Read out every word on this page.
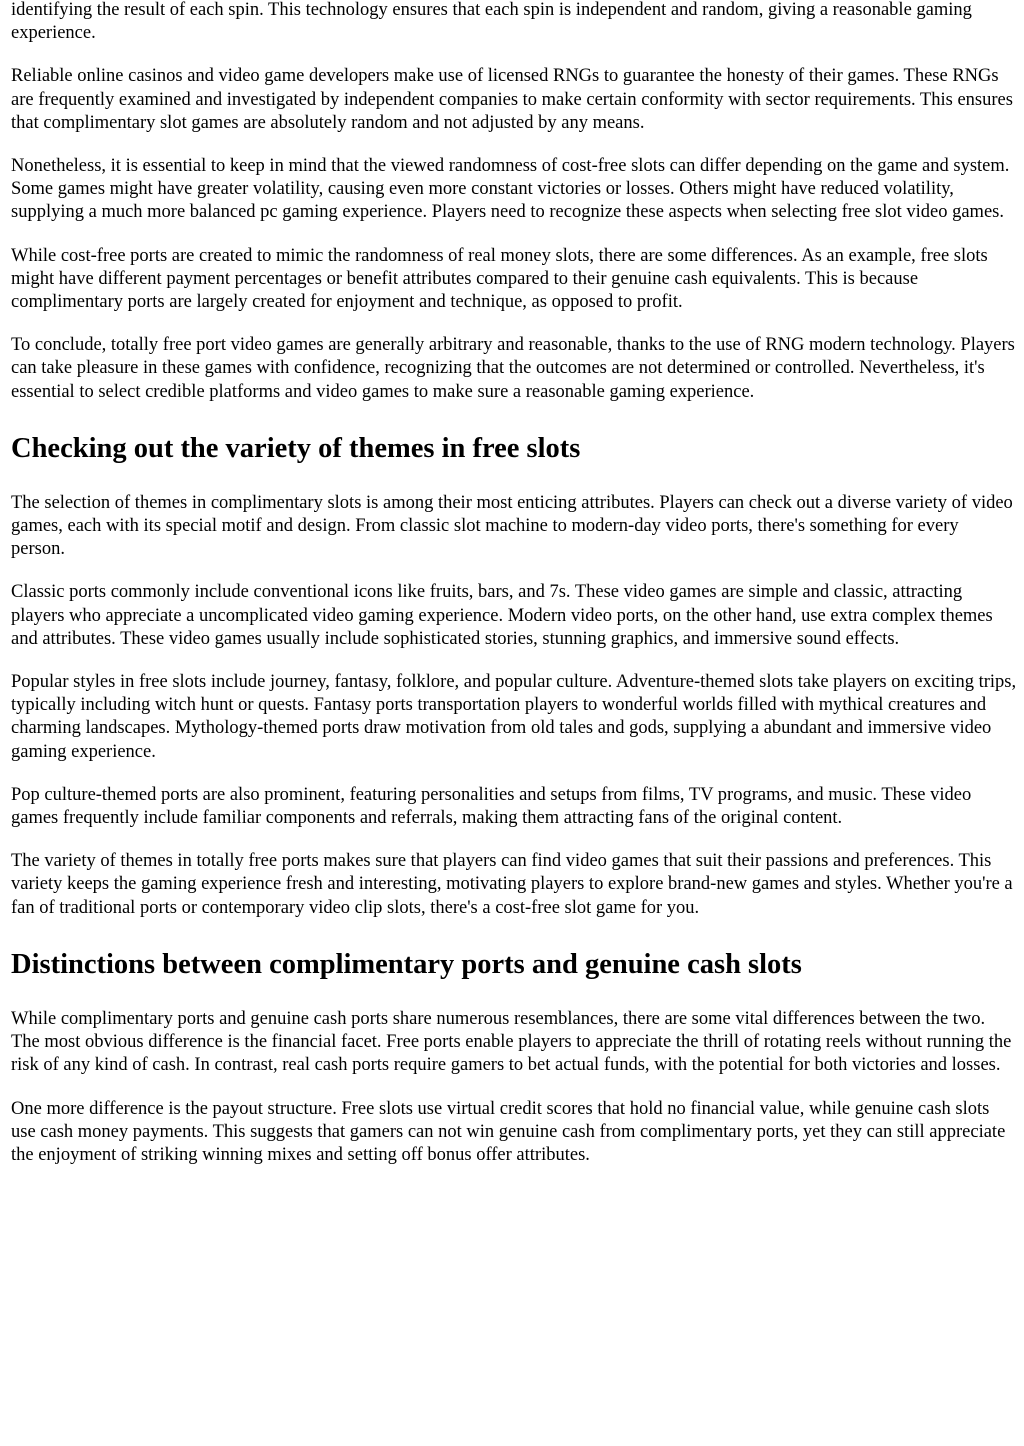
identifying the result of each spin. This technology ensures that each spin is independent and random, giving a reasonable gaming experience.

Reliable online casinos and video game developers make use of licensed RNGs to guarantee the honesty of their games. These RNGs are frequently examined and investigated by independent companies to make certain conformity with sector requirements. This ensures that complimentary slot games are absolutely random and not adjusted by any means.

Nonetheless, it is essential to keep in mind that the viewed randomness of cost-free slots can differ depending on the game and system. Some games might have greater volatility, causing even more constant victories or losses. Others might have reduced volatility, supplying a much more balanced pc gaming experience. Players need to recognize these aspects when selecting free slot video games.

While cost-free ports are created to mimic the randomness of real money slots, there are some differences. As an example, free slots might have different payment percentages or benefit attributes compared to their genuine cash equivalents. This is because complimentary ports are largely created for enjoyment and technique, as opposed to profit.

To conclude, totally free port video games are generally arbitrary and reasonable, thanks to the use of RNG modern technology. Players can take pleasure in these games with confidence, recognizing that the outcomes are not determined or controlled. Nevertheless, it's essential to select credible platforms and video games to make sure a reasonable gaming experience.

Checking out the variety of themes in free slots

The selection of themes in complimentary slots is among their most enticing attributes. Players can check out a diverse variety of video games, each with its special motif and design. From classic slot machine to modern-day video ports, there's something for every person.

Classic ports commonly include conventional icons like fruits, bars, and 7s. These video games are simple and classic, attracting players who appreciate a uncomplicated video gaming experience. Modern video ports, on the other hand, use extra complex themes and attributes. These video games usually include sophisticated stories, stunning graphics, and immersive sound effects.

Popular styles in free slots include journey, fantasy, folklore, and popular culture. Adventure-themed slots take players on exciting trips, typically including witch hunt or quests. Fantasy ports transportation players to wonderful worlds filled with mythical creatures and charming landscapes. Mythology-themed ports draw motivation from old tales and gods, supplying a abundant and immersive video gaming experience.

Pop culture-themed ports are also prominent, featuring personalities and setups from films, TV programs, and music. These video games frequently include familiar components and referrals, making them attracting fans of the original content.

The variety of themes in totally free ports makes sure that players can find video games that suit their passions and preferences. This variety keeps the gaming experience fresh and interesting, motivating players to explore brand-new games and styles. Whether you're a fan of traditional ports or contemporary video clip slots, there's a cost-free slot game for you.

Distinctions between complimentary ports and genuine cash slots

While complimentary ports and genuine cash ports share numerous resemblances, there are some vital differences between the two. The most obvious difference is the financial facet. Free ports enable players to appreciate the thrill of rotating reels without running the risk of any kind of cash. In contrast, real cash ports require gamers to bet actual funds, with the potential for both victories and losses.

One more difference is the payout structure. Free slots use virtual credit scores that hold no financial value, while genuine cash slots use cash money payments. This suggests that gamers can not win genuine cash from complimentary ports, yet they can still appreciate the enjoyment of striking winning mixes and setting off bonus offer attributes.
